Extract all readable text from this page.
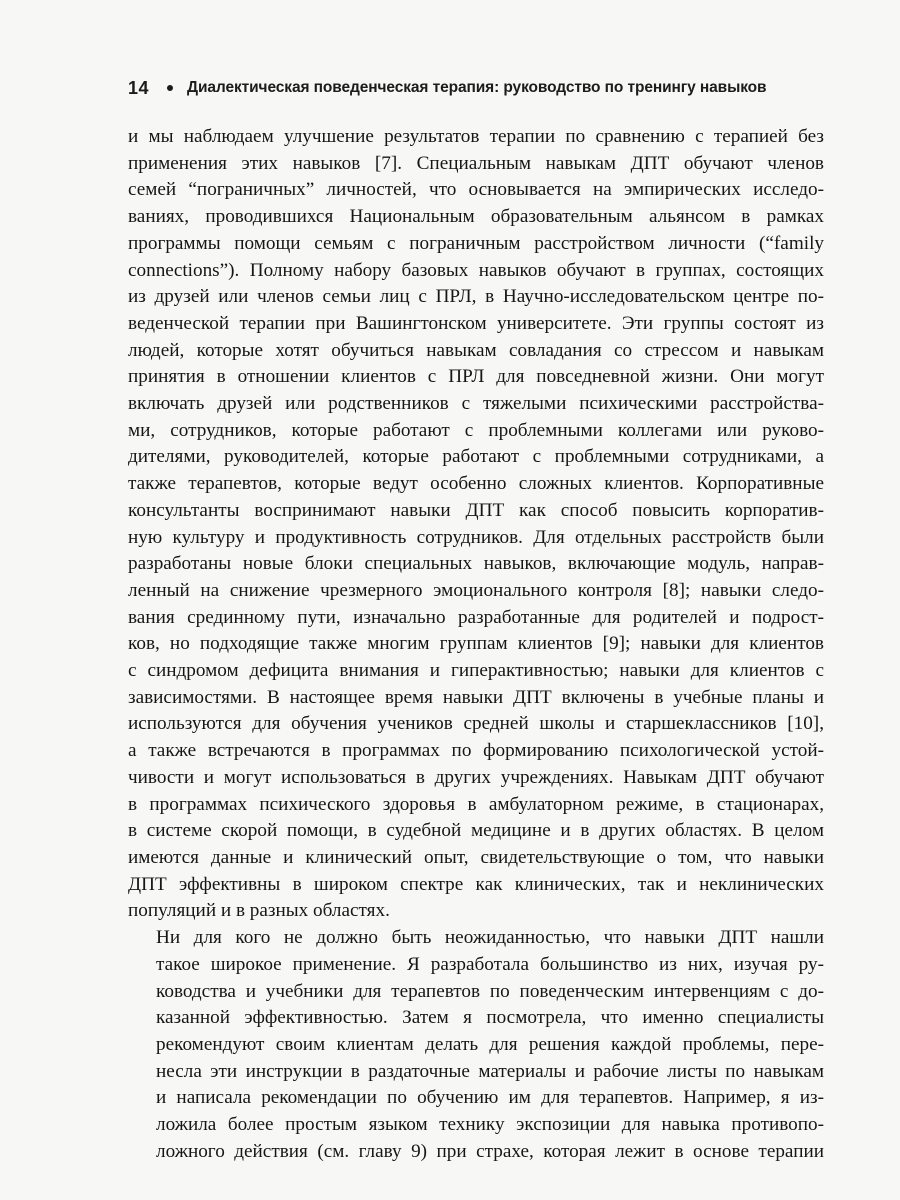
14 Диалектическая поведенческая терапия: руководство по тренингу навыков

и мы наблюдаем улучшение результатов терапии по сравнению с терапией без
применения этих навыков [7]. Специальным навыкам ДПТ обучают членов
семей “пограничных” личностей, что основывается на эмпирических исследо-
ваниях, проводившихся Национальным образовательным альянсом в рамках
программы помощи семьям с пограничным расстройством личности (“family
connections”). Полному набору базовых навыков обучают в группах, состоящих
из друзей или членов семьи лиц с ПРЛ, в Научно-исследовательском центре по-
веденческой терапии при Вашингтонском университете. Эти группы состоят из
людей, которые хотят обучиться навыкам совладания со стрессом и навыкам
принятия в отношении клиентов с ПРЛ для повседневной жизни. Они могут
включать друзей или родственников с тяжелыми психическими расстройства-
ми, сотрудников, которые работают с проблемными коллегами или руково-
дителями, руководителей, которые работают с проблемными сотрудниками, а
также терапевтов, которые ведут особенно сложных клиентов. Корпоративные
консультанты воспринимают навыки ДПТ как способ повысить корпоратив-
ную культуру и продуктивность сотрудников. Для отдельных расстройств были
разработаны новые блоки специальных навыков, включающие модуль, направ-
ленный на снижение чрезмерного эмоционального контроля [8]; навыки следо-
вания срединному пути, изначально разработанные для родителей и подрост-
ков, но подходящие также многим группам клиентов [9]; навыки для клиентов
с синдромом дефицита внимания и гиперактивностью; навыки для клиентов с
зависимостями. В настоящее время навыки ДПТ включены в учебные планы и
используются для обучения учеников средней школы и старшеклассников [10],
а также встречаются в программах по формированию психологической устой-
чивости и могут использоваться в других учреждениях. Навыкам ДПТ обучают
в программах психического здоровья в амбулаторном режиме, в стационарах,
в системе скорой помощи, в судебной медицине и в других областях. В целом
имеются данные и клинический опыт, свидетельствующие о том, что навыки
ДПТ эффективны в широком спектре как клинических, так и неклинических
популяций и в разных областях.

Ни для кого не должно быть неожиданностью, что навыки ДПТ нашли
такое широкое применение. Я разработала большинство из них, изучая ру-
ководства и учебники для терапевтов по поведенческим интервенциям с до-
казанной эффективностью. Затем я посмотрела, что именно специалисты
рекомендуют своим клиентам делать для решения каждой проблемы, пере-
несла эти инструкции в раздаточные материалы и рабочие листы по навыкам
и написала рекомендации по обучению им для терапевтов. Например, я из-
ложила более простым языком технику экспозиции для навыка противопо-
ложного действия (см. главу 9) при страхе, которая лежит в основе терапии
